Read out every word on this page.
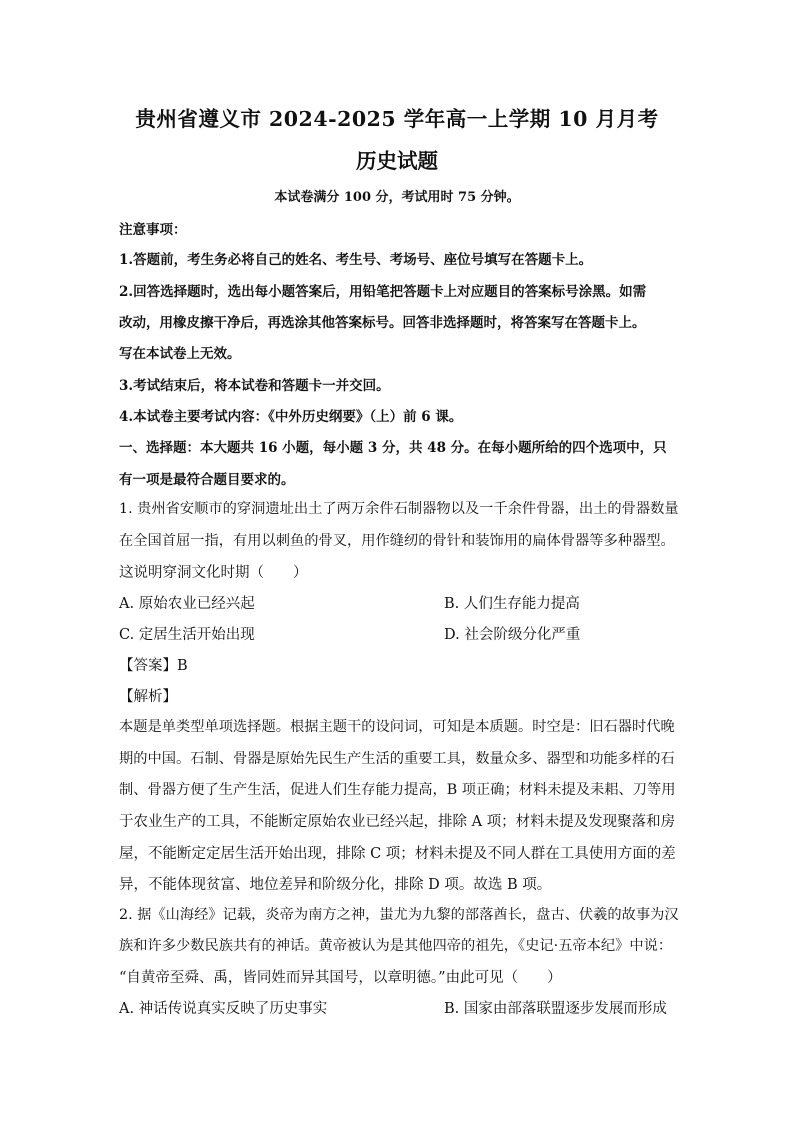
贵州省遵义市 2024-2025 学年高一上学期 10 月月考
历史试题
本试卷满分 100 分，考试用时 75 分钟。
注意事项：
1.答题前，考生务必将自己的姓名、考生号、考场号、座位号填写在答题卡上。
2.回答选择题时，选出每小题答案后，用铅笔把答题卡上对应题目的答案标号涂黑。如需
改动，用橡皮擦干净后，再选涂其他答案标号。回答非选择题时，将答案写在答题卡上。
写在本试卷上无效。
3.考试结束后，将本试卷和答题卡一并交回。
4.本试卷主要考试内容：《中外历史纲要》（上）前 6 课。
一、选择题：本大题共 16 小题，每小题 3 分，共 48 分。在每小题所给的四个选项中，只
有一项是最符合题目要求的。
1. 贵州省安顺市的穿洞遗址出土了两万余件石制器物以及一千余件骨器，出土的骨器数量
在全国首屈一指，有用以刺鱼的骨叉，用作缝纫的骨针和装饰用的扁体骨器等多种器型。
这说明穿洞文化时期（　　）
A. 原始农业已经兴起	B. 人们生存能力提高
C. 定居生活开始出现	D. 社会阶级分化严重
【答案】B
【解析】
本题是单类型单项选择题。根据主题干的设问词，可知是本质题。时空是：旧石器时代晚
期的中国。石制、骨器是原始先民生产生活的重要工具，数量众多、器型和功能多样的石
制、骨器方便了生产生活，促进人们生存能力提高，B 项正确；材料未提及耒耜、刀等用
于农业生产的工具，不能断定原始农业已经兴起，排除 A 项；材料未提及发现聚落和房
屋，不能断定定居生活开始出现，排除 C 项；材料未提及不同人群在工具使用方面的差
异，不能体现贫富、地位差异和阶级分化，排除 D 项。故选 B 项。
2. 据《山海经》记载，炎帝为南方之神，蚩尤为九黎的部落酋长，盘古、伏羲的故事为汉
族和许多少数民族共有的神话。黄帝被认为是其他四帝的祖先，《史记·五帝本纪》中说：
“自黄帝至舜、禹，皆同姓而异其国号，以章明德。”由此可见（　　）
A. 神话传说真实反映了历史事实	B. 国家由部落联盟逐步发展而形成
